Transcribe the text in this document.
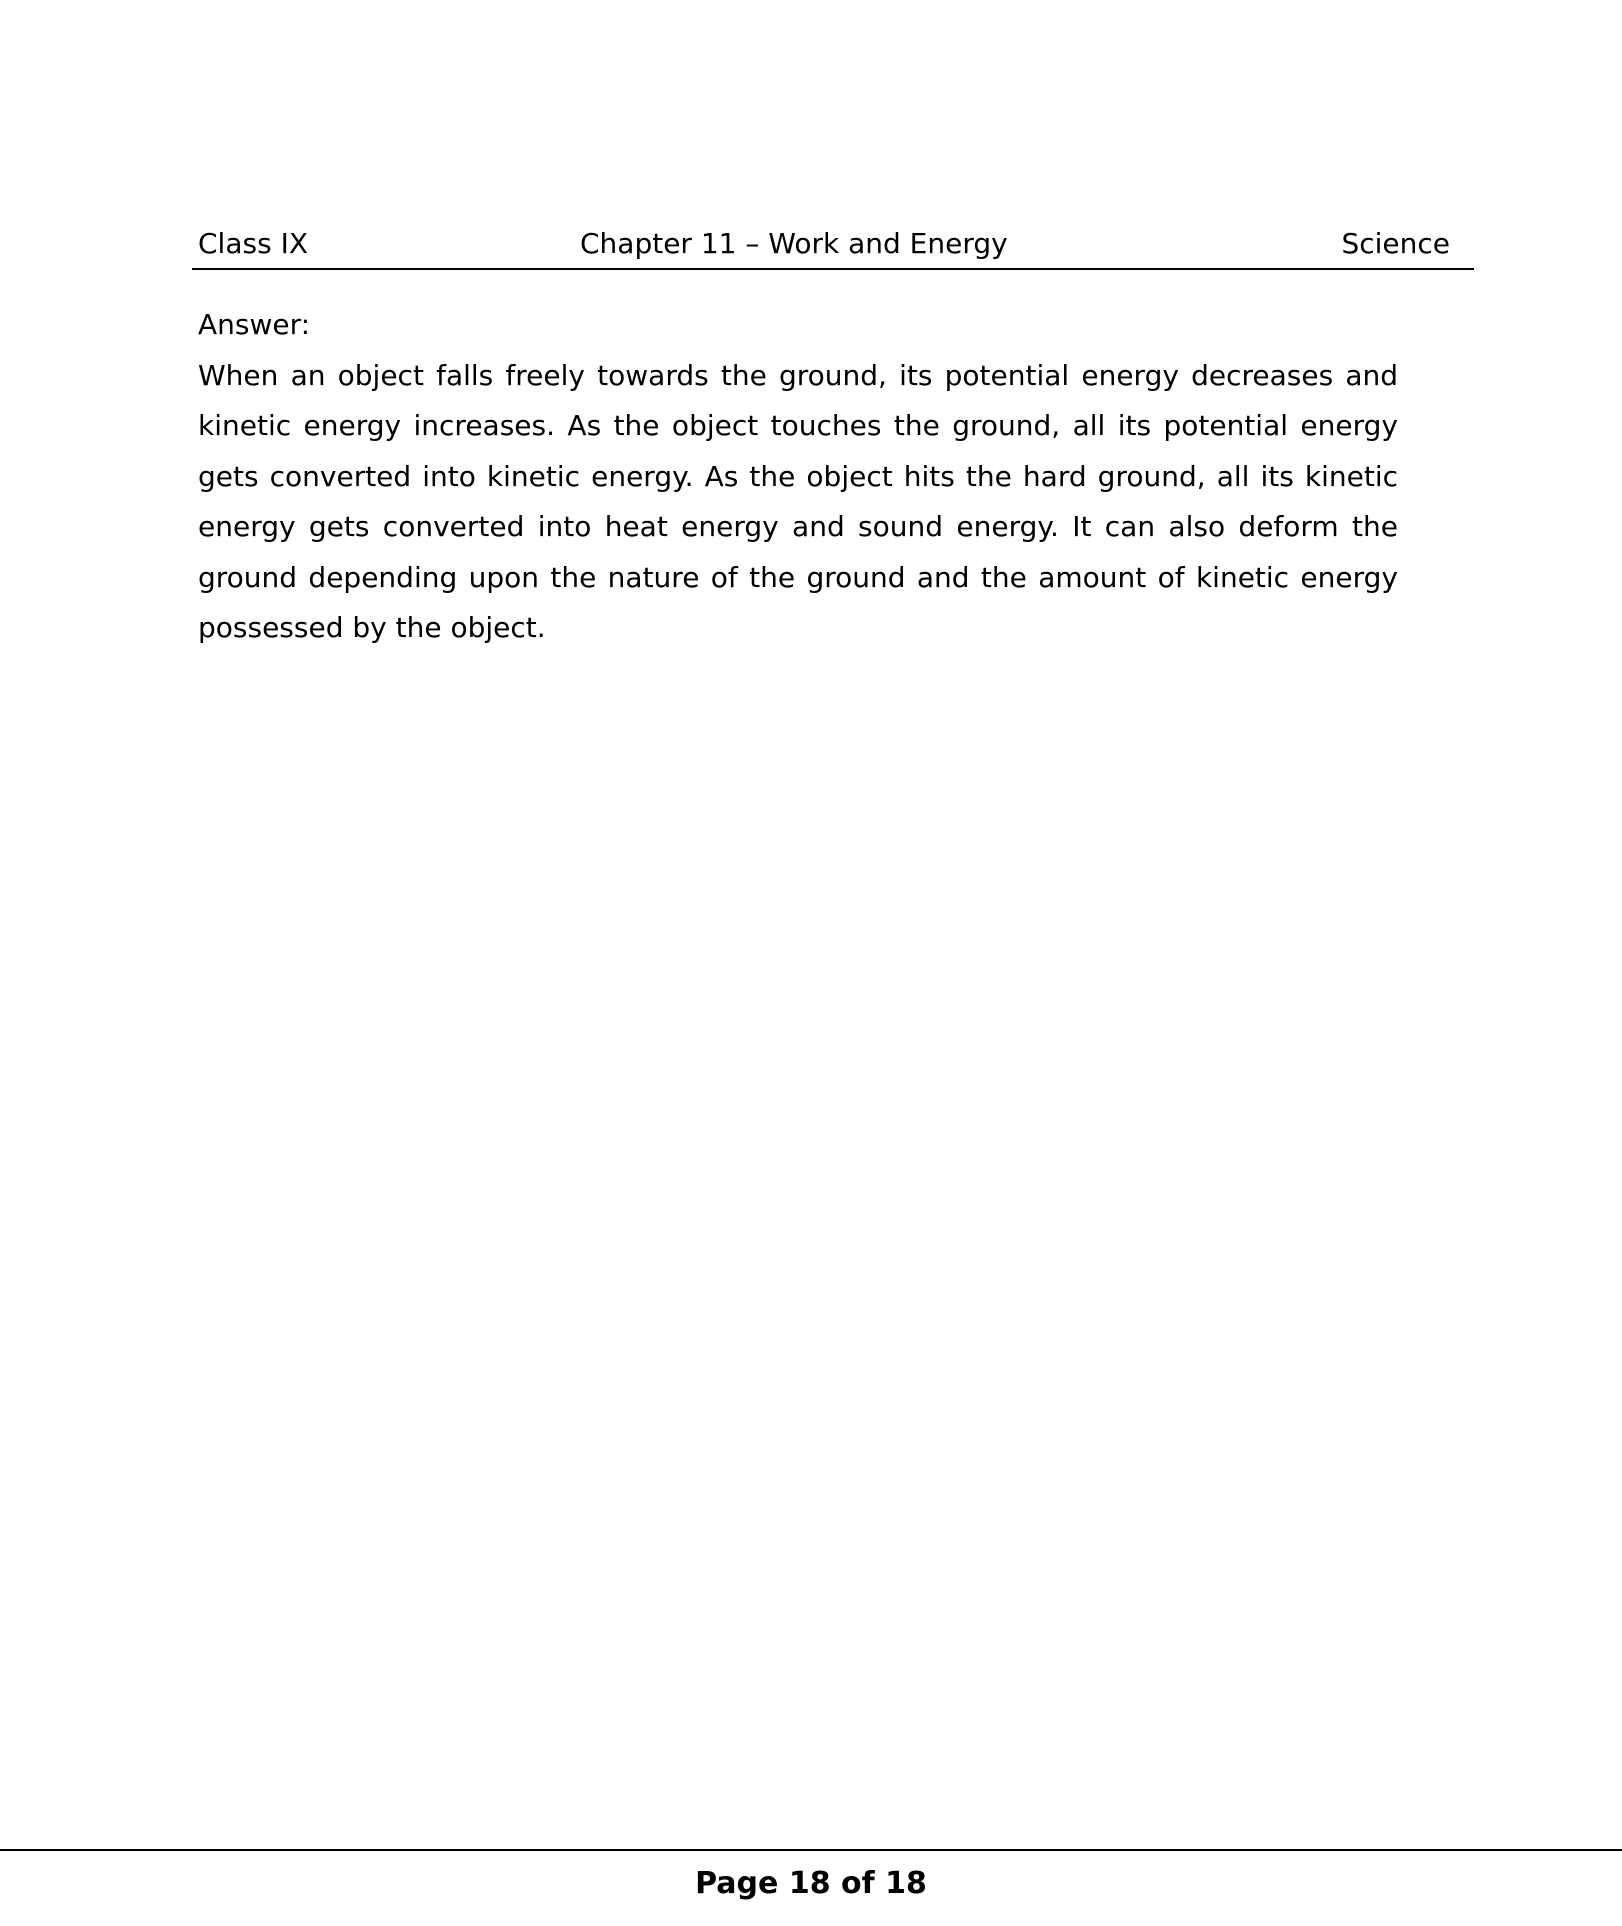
Class IX	Chapter 11 – Work and Energy	Science

Answer:

When an object falls freely towards the ground, its potential energy decreases and kinetic energy increases. As the object touches the ground, all its potential energy gets converted into kinetic energy. As the object hits the hard ground, all its kinetic energy gets converted into heat energy and sound energy. It can also deform the ground depending upon the nature of the ground and the amount of kinetic energy possessed by the object.

Page 18 of 18
